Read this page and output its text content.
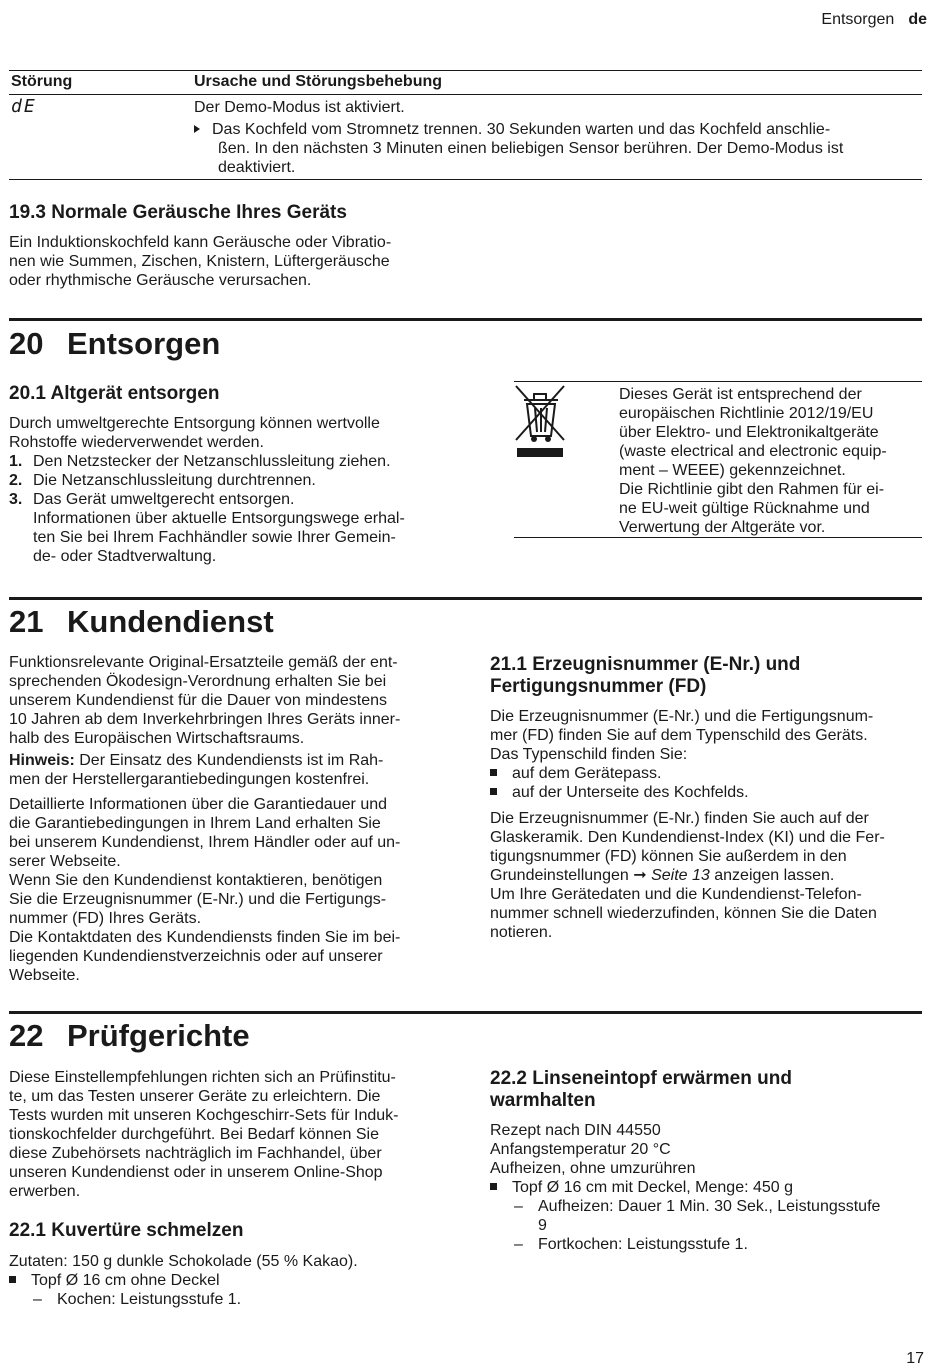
Entsorgen de
Störung	Ursache und Störungsbehebung
dE	Der Demo-Modus ist aktiviert.
Das Kochfeld vom Stromnetz trennen. 30 Sekunden warten und das Kochfeld anschlie-
ßen. In den nächsten 3 Minuten einen beliebigen Sensor berühren. Der Demo-Modus ist
deaktiviert.
19.3 Normale Geräusche Ihres Geräts
Ein Induktionskochfeld kann Geräusche oder Vibratio-
nen wie Summen, Zischen, Knistern, Lüftergeräusche
oder rhythmische Geräusche verursachen.
20 Entsorgen
20.1 Altgerät entsorgen
Durch umweltgerechte Entsorgung können wertvolle
Rohstoffe wiederverwendet werden.
1. Den Netzstecker der Netzanschlussleitung ziehen.
2. Die Netzanschlussleitung durchtrennen.
3. Das Gerät umweltgerecht entsorgen.
Informationen über aktuelle Entsorgungswege erhal-
ten Sie bei Ihrem Fachhändler sowie Ihrer Gemein-
de- oder Stadtverwaltung.
Dieses Gerät ist entsprechend der
europäischen Richtlinie 2012/19/EU
über Elektro- und Elektronikaltgeräte
(waste electrical and electronic equip-
ment – WEEE) gekennzeichnet.
Die Richtlinie gibt den Rahmen für ei-
ne EU-weit gültige Rücknahme und
Verwertung der Altgeräte vor.
21 Kundendienst
Funktionsrelevante Original-Ersatzteile gemäß der ent-
sprechenden Ökodesign-Verordnung erhalten Sie bei
unserem Kundendienst für die Dauer von mindestens
10 Jahren ab dem Inverkehrbringen Ihres Geräts inner-
halb des Europäischen Wirtschaftsraums.
Hinweis: Der Einsatz des Kundendiensts ist im Rah-
men der Herstellergarantiebedingungen kostenfrei.
Detaillierte Informationen über die Garantiedauer und
die Garantiebedingungen in Ihrem Land erhalten Sie
bei unserem Kundendienst, Ihrem Händler oder auf un-
serer Webseite.
Wenn Sie den Kundendienst kontaktieren, benötigen
Sie die Erzeugnisnummer (E-Nr.) und die Fertigungs-
nummer (FD) Ihres Geräts.
Die Kontaktdaten des Kundendiensts finden Sie im bei-
liegenden Kundendienstverzeichnis oder auf unserer
Webseite.
21.1 Erzeugnisnummer (E-Nr.) und
Fertigungsnummer (FD)
Die Erzeugnisnummer (E-Nr.) und die Fertigungsnum-
mer (FD) finden Sie auf dem Typenschild des Geräts.
Das Typenschild finden Sie:
auf dem Gerätepass.
auf der Unterseite des Kochfelds.
Die Erzeugnisnummer (E-Nr.) finden Sie auch auf der
Glaskeramik. Den Kundendienst-Index (KI) und die Fer-
tigungsnummer (FD) können Sie außerdem in den
Grundeinstellungen ➞ Seite 13 anzeigen lassen.
Um Ihre Gerätedaten und die Kundendienst-Telefon-
nummer schnell wiederzufinden, können Sie die Daten
notieren.
22 Prüfgerichte
Diese Einstellempfehlungen richten sich an Prüfinstitu-
te, um das Testen unserer Geräte zu erleichtern. Die
Tests wurden mit unseren Kochgeschirr-Sets für Induk-
tionskochfelder durchgeführt. Bei Bedarf können Sie
diese Zubehörsets nachträglich im Fachhandel, über
unseren Kundendienst oder in unserem Online-Shop
erwerben.
22.1 Kuvertüre schmelzen
Zutaten: 150 g dunkle Schokolade (55 % Kakao).
Topf Ø 16 cm ohne Deckel
– Kochen: Leistungsstufe 1.
22.2 Linseneintopf erwärmen und
warmhalten
Rezept nach DIN 44550
Anfangstemperatur 20 °C
Aufheizen, ohne umzurühren
Topf Ø 16 cm mit Deckel, Menge: 450 g
– Aufheizen: Dauer 1 Min. 30 Sek., Leistungsstufe
9
– Fortkochen: Leistungsstufe 1.
17
